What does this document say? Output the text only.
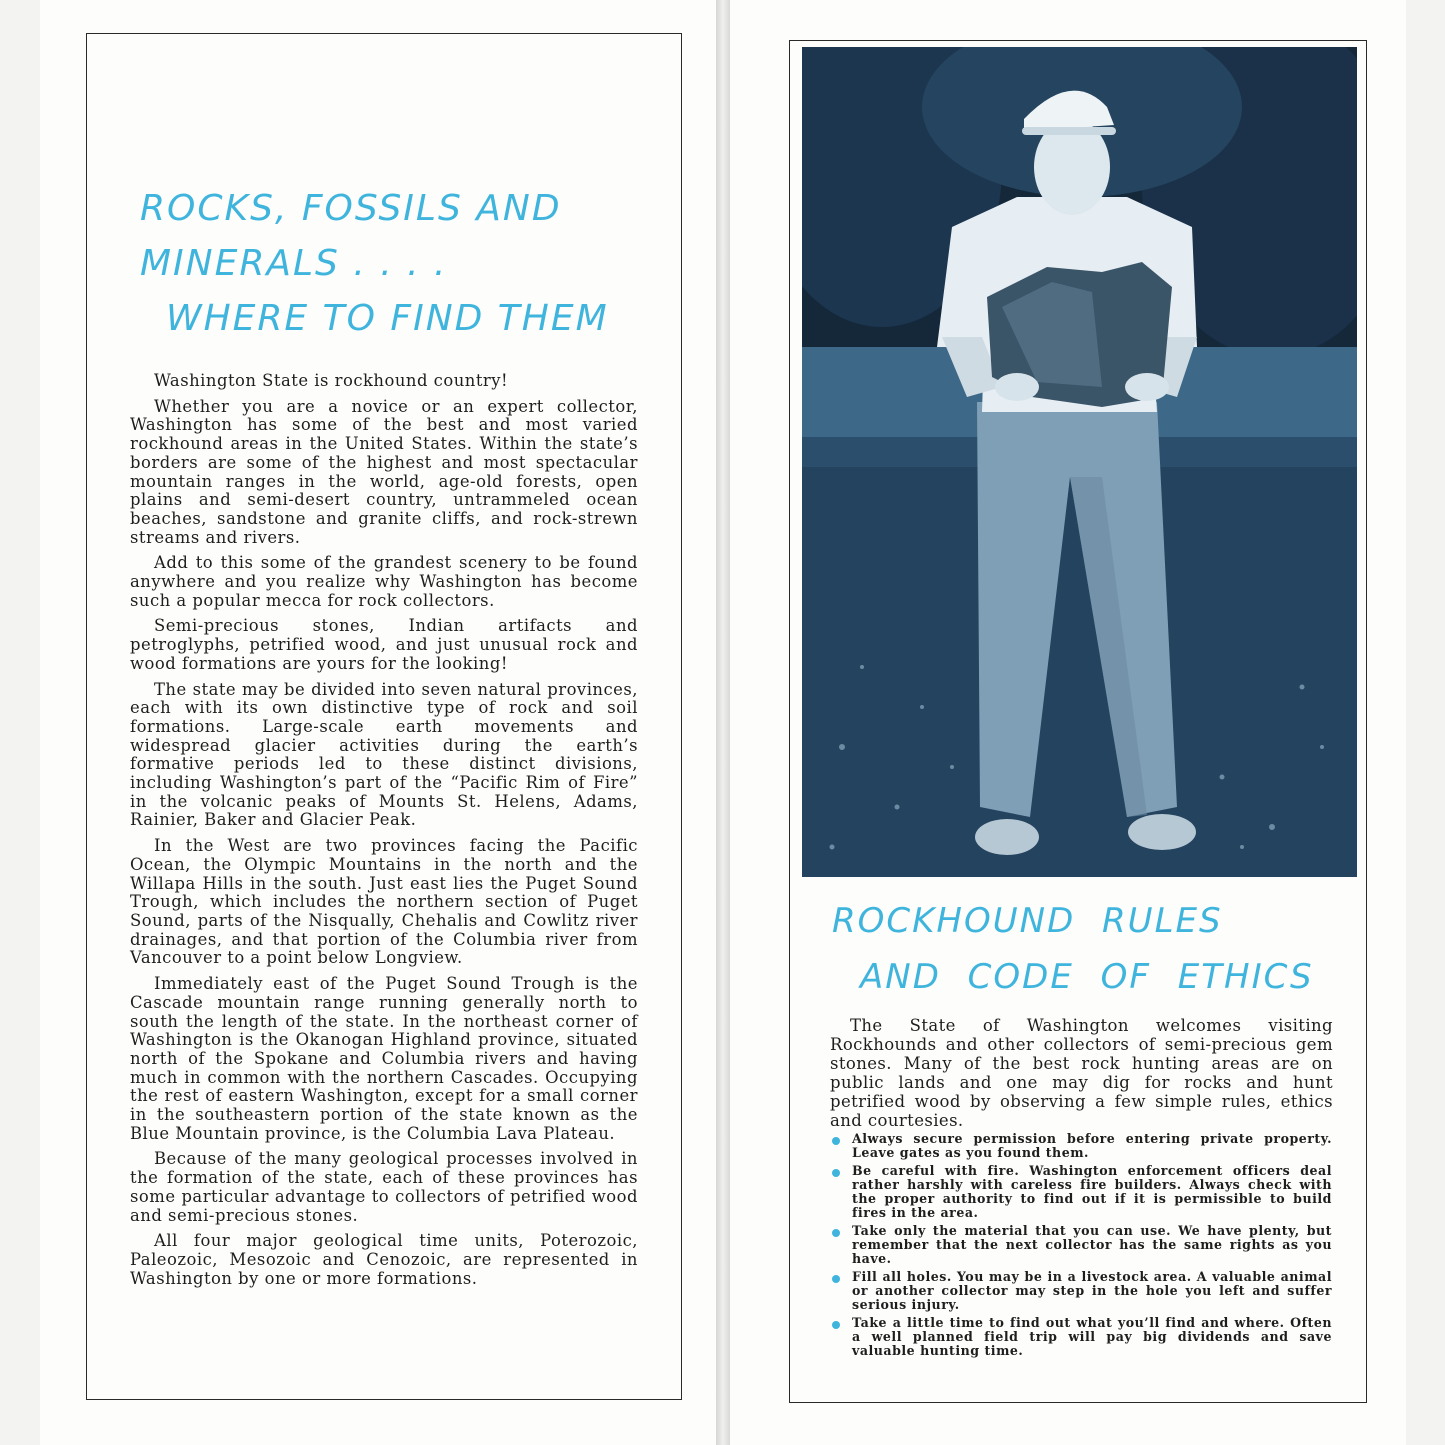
ROCKS, FOSSILS AND
MINERALS . . . .
WHERE TO FIND THEM

Washington State is rockhound country!

Whether you are a novice or an expert collector, Washington has some of the best and most varied rockhound areas in the United States. Within the state’s borders are some of the highest and most spectacular mountain ranges in the world, age-old forests, open plains and semi-desert country, untrammeled ocean beaches, sandstone and granite cliffs, and rock-strewn streams and rivers.

Add to this some of the grandest scenery to be found anywhere and you realize why Washington has become such a popular mecca for rock collectors.

Semi-precious stones, Indian artifacts and petroglyphs, petrified wood, and just unusual rock and wood formations are yours for the looking!

The state may be divided into seven natural provinces, each with its own distinctive type of rock and soil formations. Large-scale earth movements and widespread glacier activities during the earth’s formative periods led to these distinct divisions, including Washington’s part of the “Pacific Rim of Fire” in the volcanic peaks of Mounts St. Helens, Adams, Rainier, Baker and Glacier Peak.

In the West are two provinces facing the Pacific Ocean, the Olympic Mountains in the north and the Willapa Hills in the south. Just east lies the Puget Sound Trough, which includes the northern section of Puget Sound, parts of the Nisqually, Chehalis and Cowlitz river drainages, and that portion of the Columbia river from Vancouver to a point below Longview.

Immediately east of the Puget Sound Trough is the Cascade mountain range running generally north to south the length of the state. In the northeast corner of Washington is the Okanogan Highland province, situated north of the Spokane and Columbia rivers and having much in common with the northern Cascades. Occupying the rest of eastern Washington, except for a small corner in the southeastern portion of the state known as the Blue Mountain province, is the Columbia Lava Plateau.

Because of the many geological processes involved in the formation of the state, each of these provinces has some particular advantage to collectors of petrified wood and semi-precious stones.

All four major geological time units, Poterozoic, Paleozoic, Mesozoic and Cenozoic, are represented in Washington by one or more formations.

ROCKHOUND RULES
AND CODE OF ETHICS

The State of Washington welcomes visiting Rockhounds and other collectors of semi-precious gem stones. Many of the best rock hunting areas are on public lands and one may dig for rocks and hunt petrified wood by observing a few simple rules, ethics and courtesies.

Always secure permission before entering private property. Leave gates as you found them.
Be careful with fire. Washington enforcement officers deal rather harshly with careless fire builders. Always check with the proper authority to find out if it is permissible to build fires in the area.
Take only the material that you can use. We have plenty, but remember that the next collector has the same rights as you have.
Fill all holes. You may be in a livestock area. A valuable animal or another collector may step in the hole you left and suffer serious injury.
Take a little time to find out what you’ll find and where. Often a well planned field trip will pay big dividends and save valuable hunting time.
